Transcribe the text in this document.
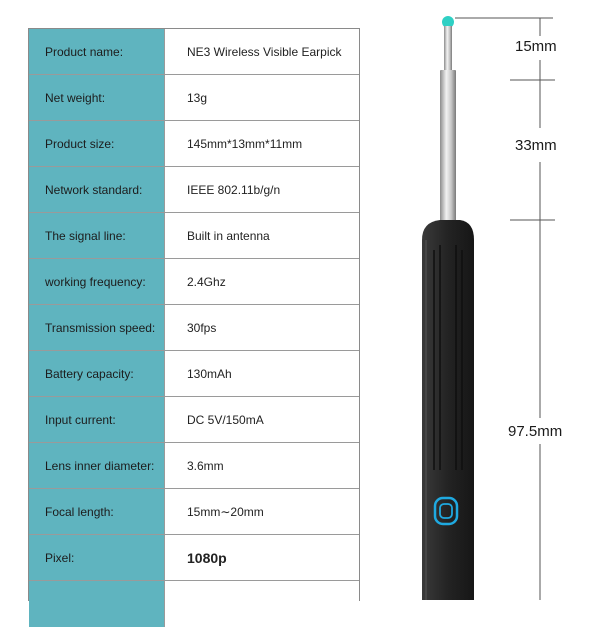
Product name:	NE3 Wireless Visible Earpick
Net weight:	13g
Product size:	145mm*13mm*11mm
Network standard:	IEEE 802.11b/g/n
The signal line:	Built in antenna
working frequency:	2.4Ghz
Transmission speed:	30fps
Battery capacity:	130mAh
Input current:	DC 5V/150mA
Lens inner diameter:	3.6mm
Focal length:	15mm∼20mm
Pixel:	1080p
15mm
33mm
97.5mm
